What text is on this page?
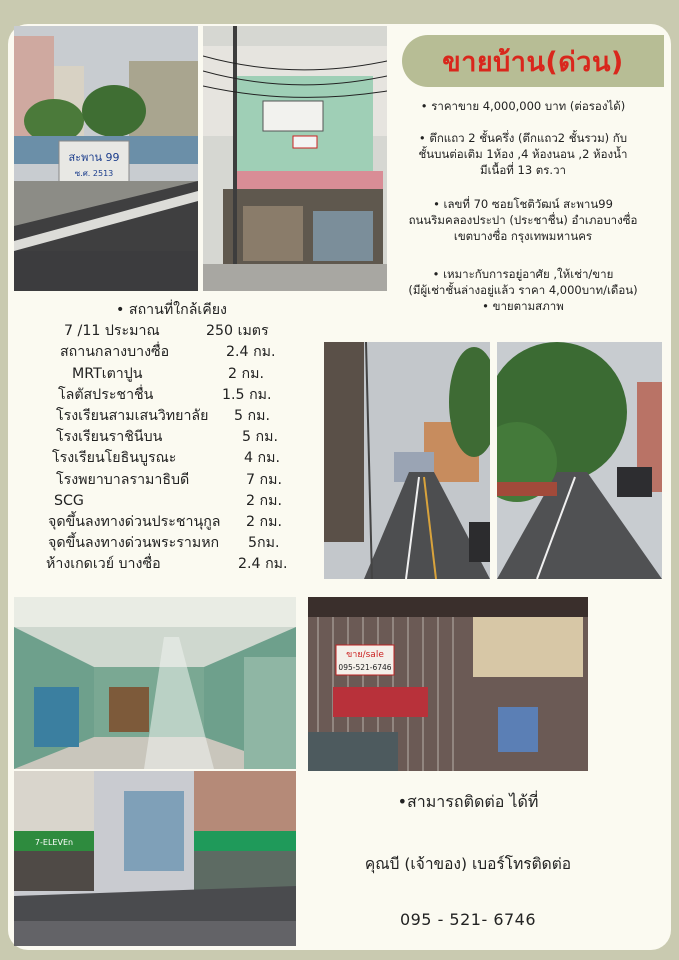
สะพาน 99
ซ.ศ. 2513
ขายบ้าน(ด่วน)

• ราคาขาย 4,000,000 บาท (ต่อรองได้)

• ตึกแถว 2 ชั้นครึ่ง (ตึกแถว2 ชั้นรวม) กับ

ชั้นบนต่อเติม 1ห้อง ,4 ห้องนอน ,2 ห้องน้ำ

มีเนื้อที่ 13 ตร.วา

• เลขที่ 70 ซอยโชติวัฒน์ สะพาน99

ถนนริมคลองประปา (ประชาชื่น) อำเภอบางซื่อ

เขตบางซื่อ กรุงเทพมหานคร

• เหมาะกับการอยู่อาศัย ,ให้เช่า/ขาย

(มีผู้เช่าชั้นล่างอยู่แล้ว ราคา 4,000บาท/เดือน)

• ขายตามสภาพ

• สถานที่ใกล้เคียง
7 /11 ประมาณ	250 เมตร
สถานกลางบางซื่อ	2.4 กม.
MRTเตาปูน	2 กม.
โลตัสประชาชื่น	1.5 กม.
โรงเรียนสามเสนวิทยาลัย 5 กม.
โรงเรียนราชินีบน	5 กม.
โรงเรียนโยธินบูรณะ	4 กม.
โรงพยาบาลรามาธิบดี	7 กม.
SCG	2 กม.
จุดขึ้นลงทางด่วนประชานุกูล 2 กม.
จุดขึ้นลงทางด่วนพระรามหก 5กม.
ห้างเกดเวย์ บางซื่อ	2.4 กม.
ขาย/sale
095-521-6746
7-ELEVEn
•สามารถติดต่อ ได้ที่
คุณบี (เจ้าของ) เบอร์โทรติดต่อ
095 - 521- 6746
